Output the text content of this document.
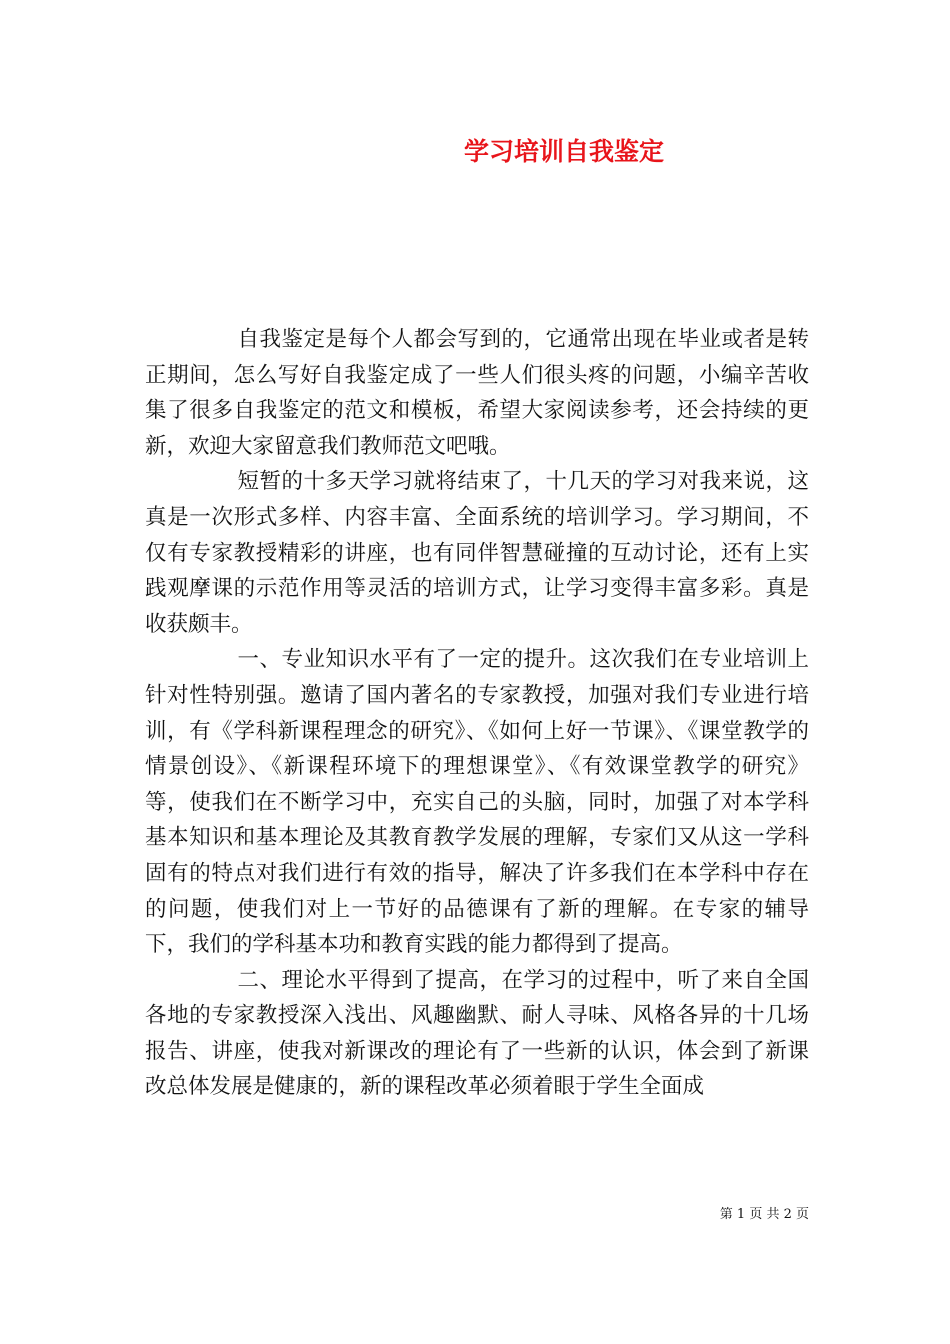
学习培训自我鉴定

自我鉴定是每个人都会写到的，它通常出现在毕业或者是转正期间，怎么写好自我鉴定成了一些人们很头疼的问题，小编辛苦收集了很多自我鉴定的范文和模板，希望大家阅读参考，还会持续的更新，欢迎大家留意我们教师范文吧哦。

短暂的十多天学习就将结束了，十几天的学习对我来说，这真是一次形式多样、内容丰富、全面系统的培训学习。学习期间，不仅有专家教授精彩的讲座，也有同伴智慧碰撞的互动讨论，还有上实践观摩课的示范作用等灵活的培训方式，让学习变得丰富多彩。真是收获颇丰。

一、专业知识水平有了一定的提升。这次我们在专业培训上针对性特别强。邀请了国内著名的专家教授，加强对我们专业进行培训，有《学科新课程理念的研究》、《如何上好一节课》、《课堂教学的情景创设》、《新课程环境下的理想课堂》、《有效课堂教学的研究》等，使我们在不断学习中，充实自己的头脑，同时，加强了对本学科基本知识和基本理论及其教育教学发展的理解，专家们又从这一学科固有的特点对我们进行有效的指导，解决了许多我们在本学科中存在的问题，使我们对上一节好的品德课有了新的理解。在专家的辅导下，我们的学科基本功和教育实践的能力都得到了提高。

二、理论水平得到了提高，在学习的过程中，听了来自全国各地的专家教授深入浅出、风趣幽默、耐人寻味、风格各异的十几场报告、讲座，使我对新课改的理论有了一些新的认识，体会到了新课改总体发展是健康的，新的课程改革必须着眼于学生全面成

第 1 页 共 2 页
